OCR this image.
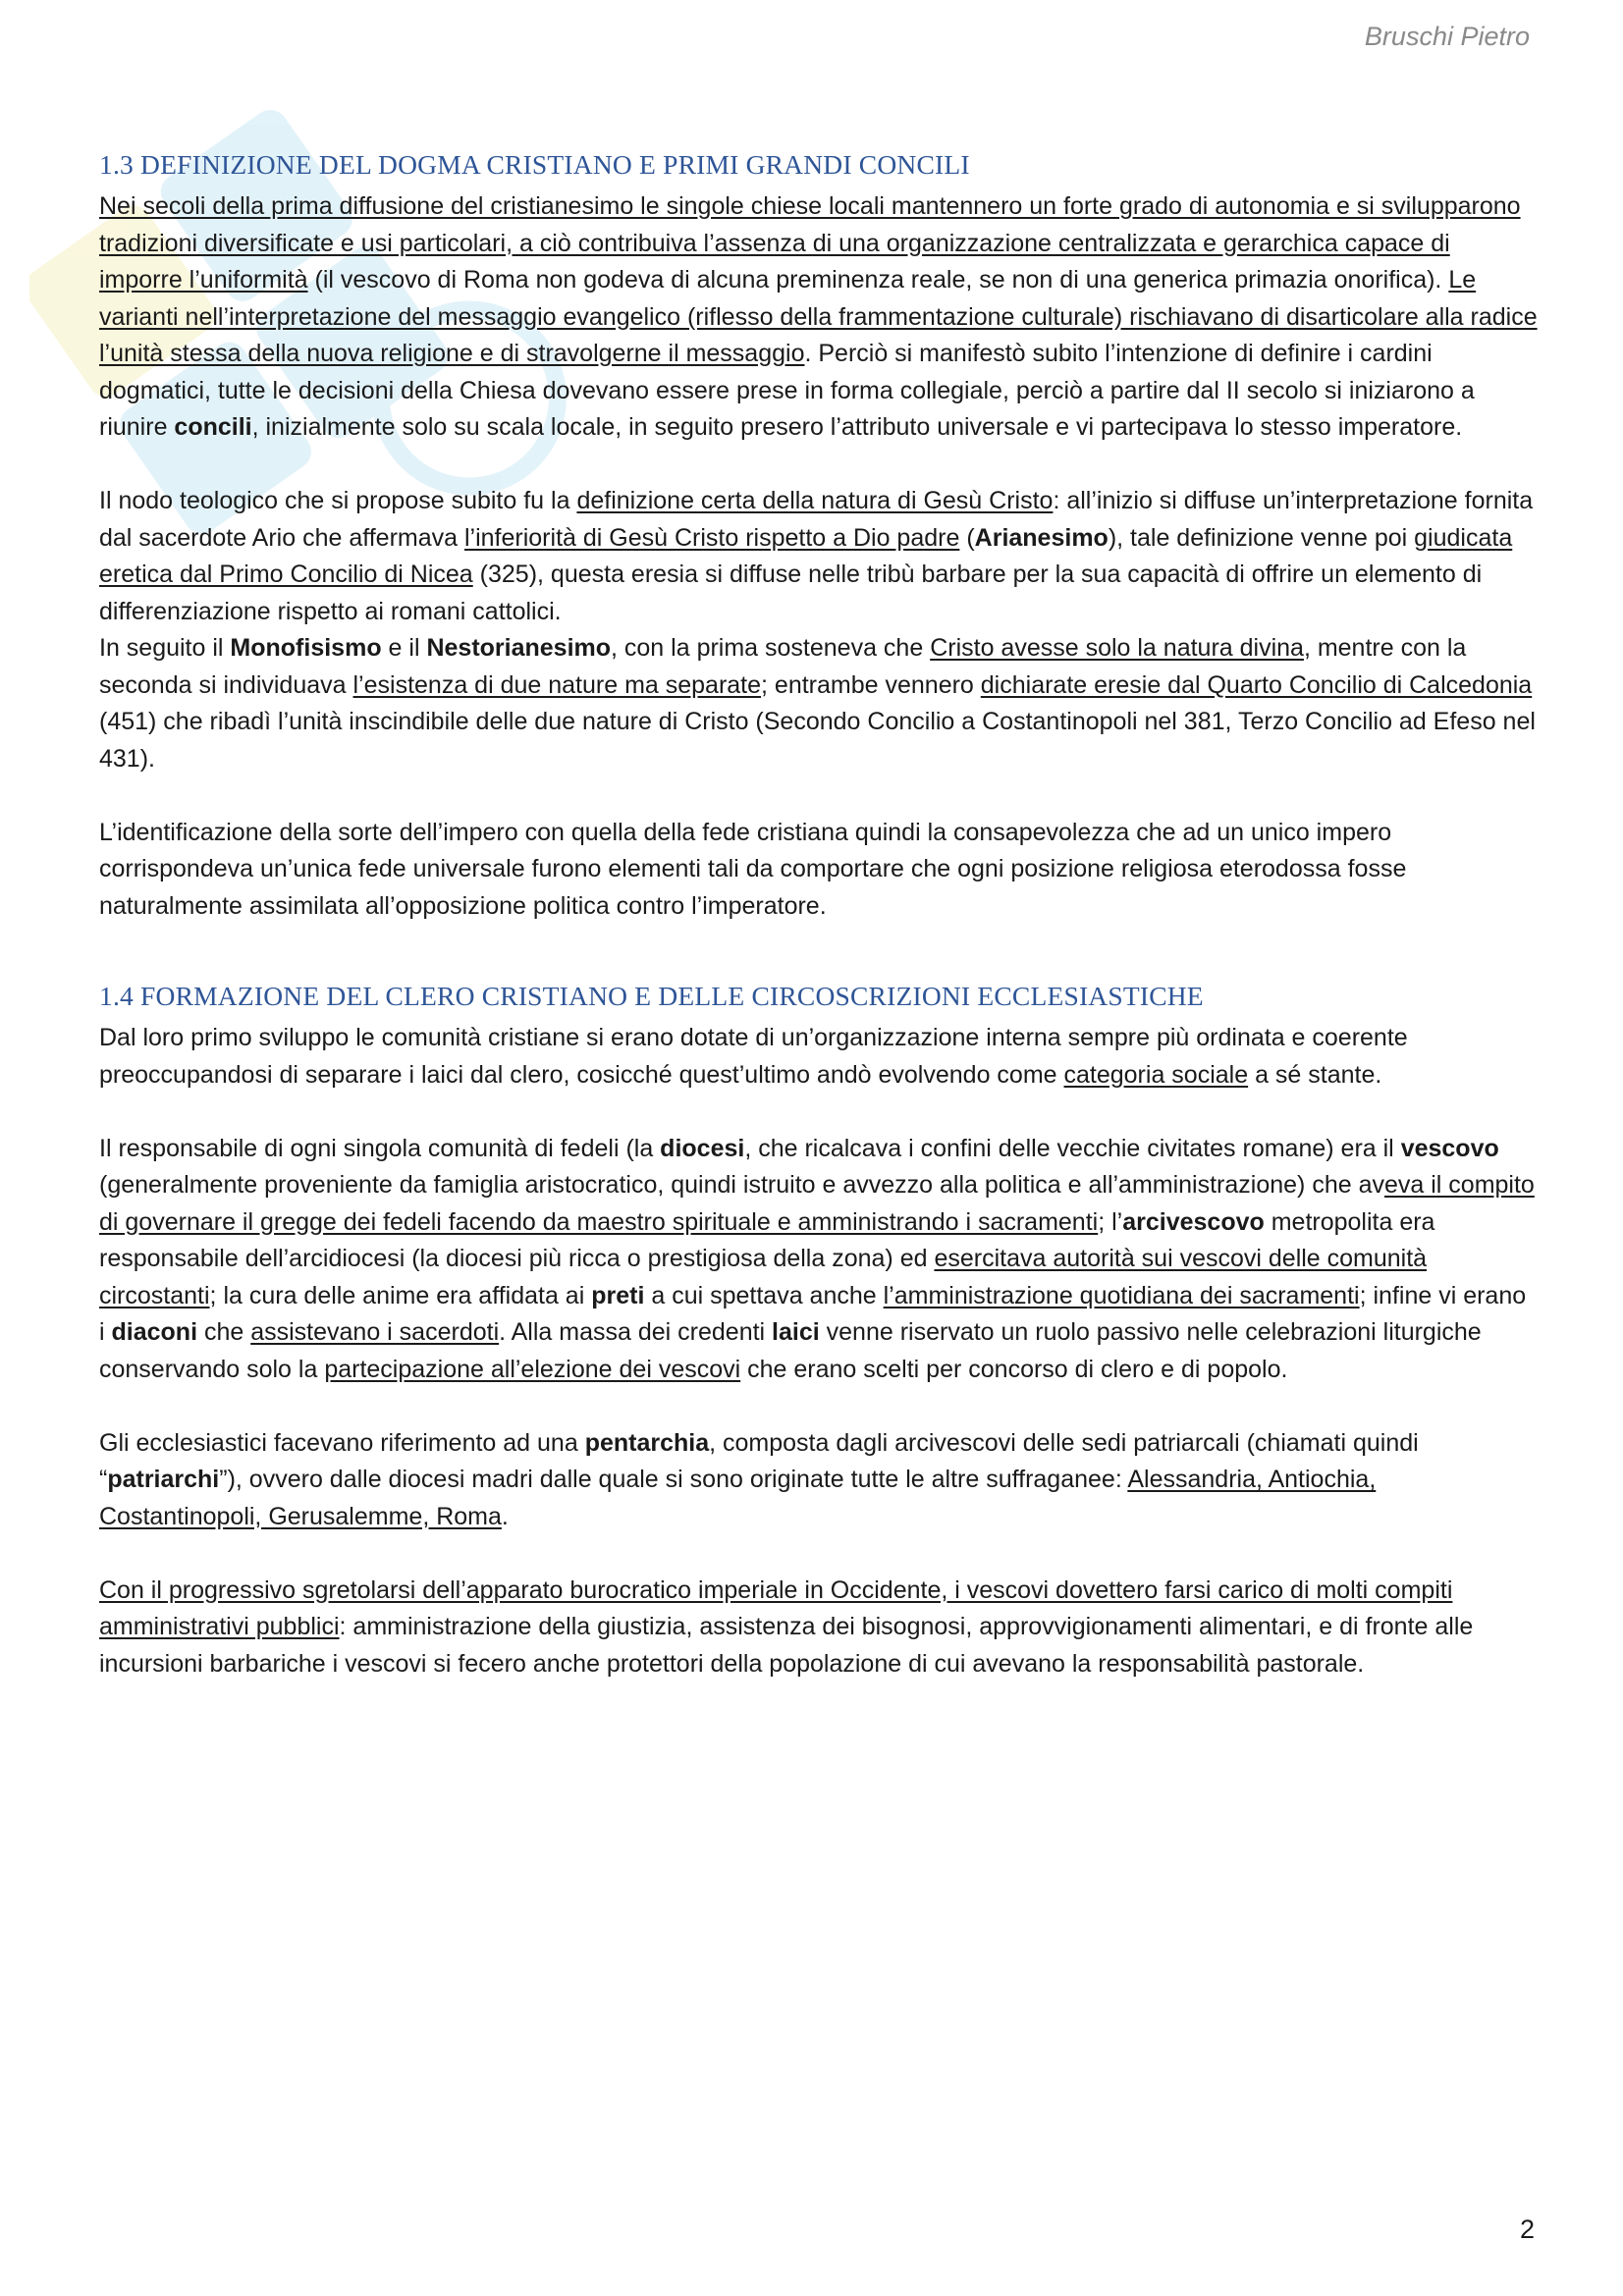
Bruschi Pietro
1.3 DEFINIZIONE DEL DOGMA CRISTIANO E PRIMI GRANDI CONCILI

Nei secoli della prima diffusione del cristianesimo le singole chiese locali mantennero un forte grado di autonomia e si svilupparono tradizioni diversificate e usi particolari, a ciò contribuiva l’assenza di una organizzazione centralizzata e gerarchica capace di imporre l’uniformità (il vescovo di Roma non godeva di alcuna preminenza reale, se non di una generica primazia onorifica). Le varianti nell’interpretazione del messaggio evangelico (riflesso della frammentazione culturale) rischiavano di disarticolare alla radice l’unità stessa della nuova religione e di stravolgerne il messaggio. Perciò si manifestò subito l’intenzione di definire i cardini dogmatici, tutte le decisioni della Chiesa dovevano essere prese in forma collegiale, perciò a partire dal II secolo si iniziarono a riunire concili, inizialmente solo su scala locale, in seguito presero l’attributo universale e vi partecipava lo stesso imperatore.

Il nodo teologico che si propose subito fu la definizione certa della natura di Gesù Cristo: all’inizio si diffuse un’interpretazione fornita dal sacerdote Ario che affermava l’inferiorità di Gesù Cristo rispetto a Dio padre (Arianesimo), tale definizione venne poi giudicata eretica dal Primo Concilio di Nicea (325), questa eresia si diffuse nelle tribù barbare per la sua capacità di offrire un elemento di differenziazione rispetto ai romani cattolici.

In seguito il Monofisismo e il Nestorianesimo, con la prima sosteneva che Cristo avesse solo la natura divina, mentre con la seconda si individuava l’esistenza di due nature ma separate; entrambe vennero dichiarate eresie dal Quarto Concilio di Calcedonia (451) che ribadì l’unità inscindibile delle due nature di Cristo (Secondo Concilio a Costantinopoli nel 381, Terzo Concilio ad Efeso nel 431).

L’identificazione della sorte dell’impero con quella della fede cristiana quindi la consapevolezza che ad un unico impero corrispondeva un’unica fede universale furono elementi tali da comportare che ogni posizione religiosa eterodossa fosse naturalmente assimilata all’opposizione politica contro l’imperatore.

1.4 FORMAZIONE DEL CLERO CRISTIANO E DELLE CIRCOSCRIZIONI ECCLESIASTICHE

Dal loro primo sviluppo le comunità cristiane si erano dotate di un’organizzazione interna sempre più ordinata e coerente preoccupandosi di separare i laici dal clero, cosicché quest’ultimo andò evolvendo come categoria sociale a sé stante.

Il responsabile di ogni singola comunità di fedeli (la diocesi, che ricalcava i confini delle vecchie civitates romane) era il vescovo (generalmente proveniente da famiglia aristocratico, quindi istruito e avvezzo alla politica e all’amministrazione) che aveva il compito di governare il gregge dei fedeli facendo da maestro spirituale e amministrando i sacramenti; l’arcivescovo metropolita era responsabile dell’arcidiocesi (la diocesi più ricca o prestigiosa della zona) ed esercitava autorità sui vescovi delle comunità circostanti; la cura delle anime era affidata ai preti a cui spettava anche l’amministrazione quotidiana dei sacramenti; infine vi erano i diaconi che assistevano i sacerdoti. Alla massa dei credenti laici venne riservato un ruolo passivo nelle celebrazioni liturgiche conservando solo la partecipazione all’elezione dei vescovi che erano scelti per concorso di clero e di popolo.

Gli ecclesiastici facevano riferimento ad una pentarchia, composta dagli arcivescovi delle sedi patriarcali (chiamati quindi “patriarchi”), ovvero dalle diocesi madri dalle quale si sono originate tutte le altre suffraganee: Alessandria, Antiochia, Costantinopoli, Gerusalemme, Roma.

Con il progressivo sgretolarsi dell’apparato burocratico imperiale in Occidente, i vescovi dovettero farsi carico di molti compiti amministrativi pubblici: amministrazione della giustizia, assistenza dei bisognosi, approvvigionamenti alimentari, e di fronte alle incursioni barbariche i vescovi si fecero anche protettori della popolazione di cui avevano la responsabilità pastorale.

2
